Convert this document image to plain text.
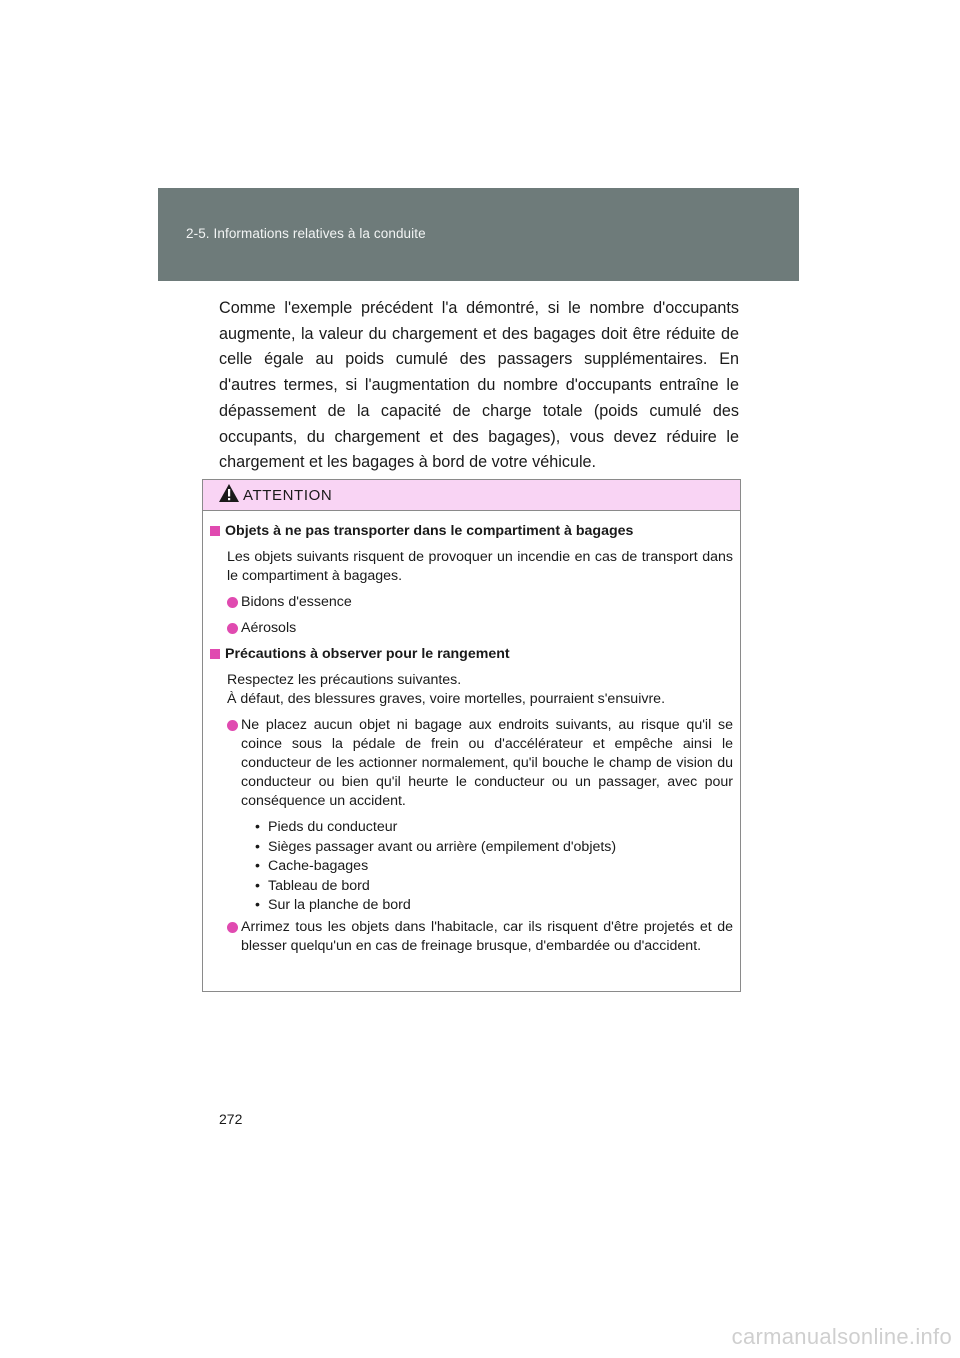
2-5. Informations relatives à la conduite

Comme l'exemple précédent l'a démontré, si le nombre d'occupants augmente, la valeur du chargement et des bagages doit être réduite de celle égale au poids cumulé des passagers supplémentaires. En d'autres termes, si l'augmentation du nombre d'occupants entraîne le dépassement de la capacité de charge totale (poids cumulé des occupants, du chargement et des bagages), vous devez réduire le chargement et les bagages à bord de votre véhicule.

ATTENTION
Objets à ne pas transporter dans le compartiment à bagages

Les objets suivants risquent de provoquer un incendie en cas de transport dans le compartiment à bagages.

Bidons d'essence
Aérosols
Précautions à observer pour le rangement

Respectez les précautions suivantes.
À défaut, des blessures graves, voire mortelles, pourraient s'ensuivre.

Ne placez aucun objet ni bagage aux endroits suivants, au risque qu'il se coince sous la pédale de frein ou d'accélérateur et empêche ainsi le conducteur de les actionner normalement, qu'il bouche le champ de vision du conducteur ou bien qu'il heurte le conducteur ou un passager, avec pour conséquence un accident.
• Pieds du conducteur
• Sièges passager avant ou arrière (empilement d'objets)
• Cache-bagages
• Tableau de bord
• Sur la planche de bord
Arrimez tous les objets dans l'habitacle, car ils risquent d'être projetés et de blesser quelqu'un en cas de freinage brusque, d'embardée ou d'accident.
272
carmanualsonline.info
